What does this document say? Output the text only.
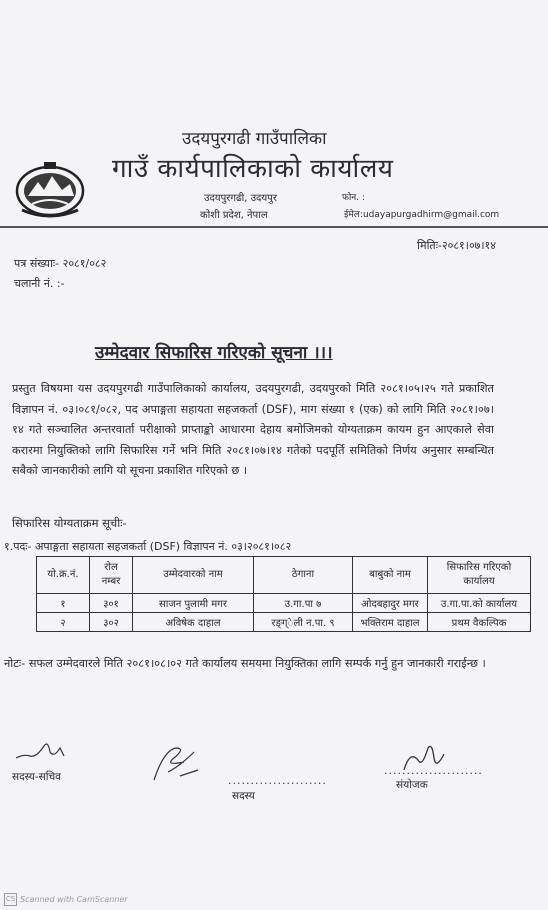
उदयपुरगढी गाउँपालिका
गाउँ कार्यपालिकाको कार्यालय
उदयपुरगढी, उदयपुर
कोशी प्रदेश, नेपाल
फोन. :
ईमेल:udayapurgadhirm@gmail.com
मितिः-२०८१।०७।१४
पत्र संख्याः- २०८१/०८२
चलानी नं. :-
उम्मेदवार सिफारिस गरिएको सूचना ।।।
प्रस्तुत विषयमा यस उदयपुरगढी गाउँपालिकाको कार्यालय, उदयपुरगढी, उदयपुरको मिति २०८१।०५।२५ गते प्रकाशित विज्ञापन नं. ०३।०८१/०८२, पद अपाङ्गता सहायता सहजकर्ता (DSF), माग संख्या १ (एक) को लागि मिति २०८१।०७।१४ गते सञ्चालित अन्तरवार्ता परीक्षाको प्राप्ताङ्को आधारमा देहाय बमोजिमको योग्यताक्रम कायम हुन आएकाले सेवा करारमा नियुक्तिको लागि सिफारिस गर्ने भनि मिति २०८१।०७।१४ गतेको पदपूर्ति समितिको निर्णय अनुसार सम्बन्धित सबैको जानकारीको लागि यो सूचना प्रकाशित गरिएको छ ।
सिफारिस योग्यताक्रम सूचीः-
१.पदः- अपाङ्गता सहायता सहजकर्ता (DSF) विज्ञापन नं. ०३।२०८१।०८२
यो.क्र.नं.	रोल नम्बर	उम्मेदवारको नाम	ठेगाना	बाबुको नाम	सिफारिस गरिएको कार्यालय
१	३०१	साजन पुलामी मगर	उ.गा.पा ७	ओदबहादुर मगर	उ.गा.पा.को कार्यालय
२	३०२	अविषेक दाहाल	रङ्ग्ेली न.पा. ९	भक्तिराम दाहाल	प्रथम वैकल्पिक
नोटः- सफल उम्मेदवारले मिति २०८१।०८।०२ गते कार्यालय समयमा नियुक्तिका लागि सम्पर्क गर्नु हुन जानकारी गराईन्छ ।
सदस्य-सचिव	......................
सदस्य
संयोजक
......................
CS Scanned with CamScanner
